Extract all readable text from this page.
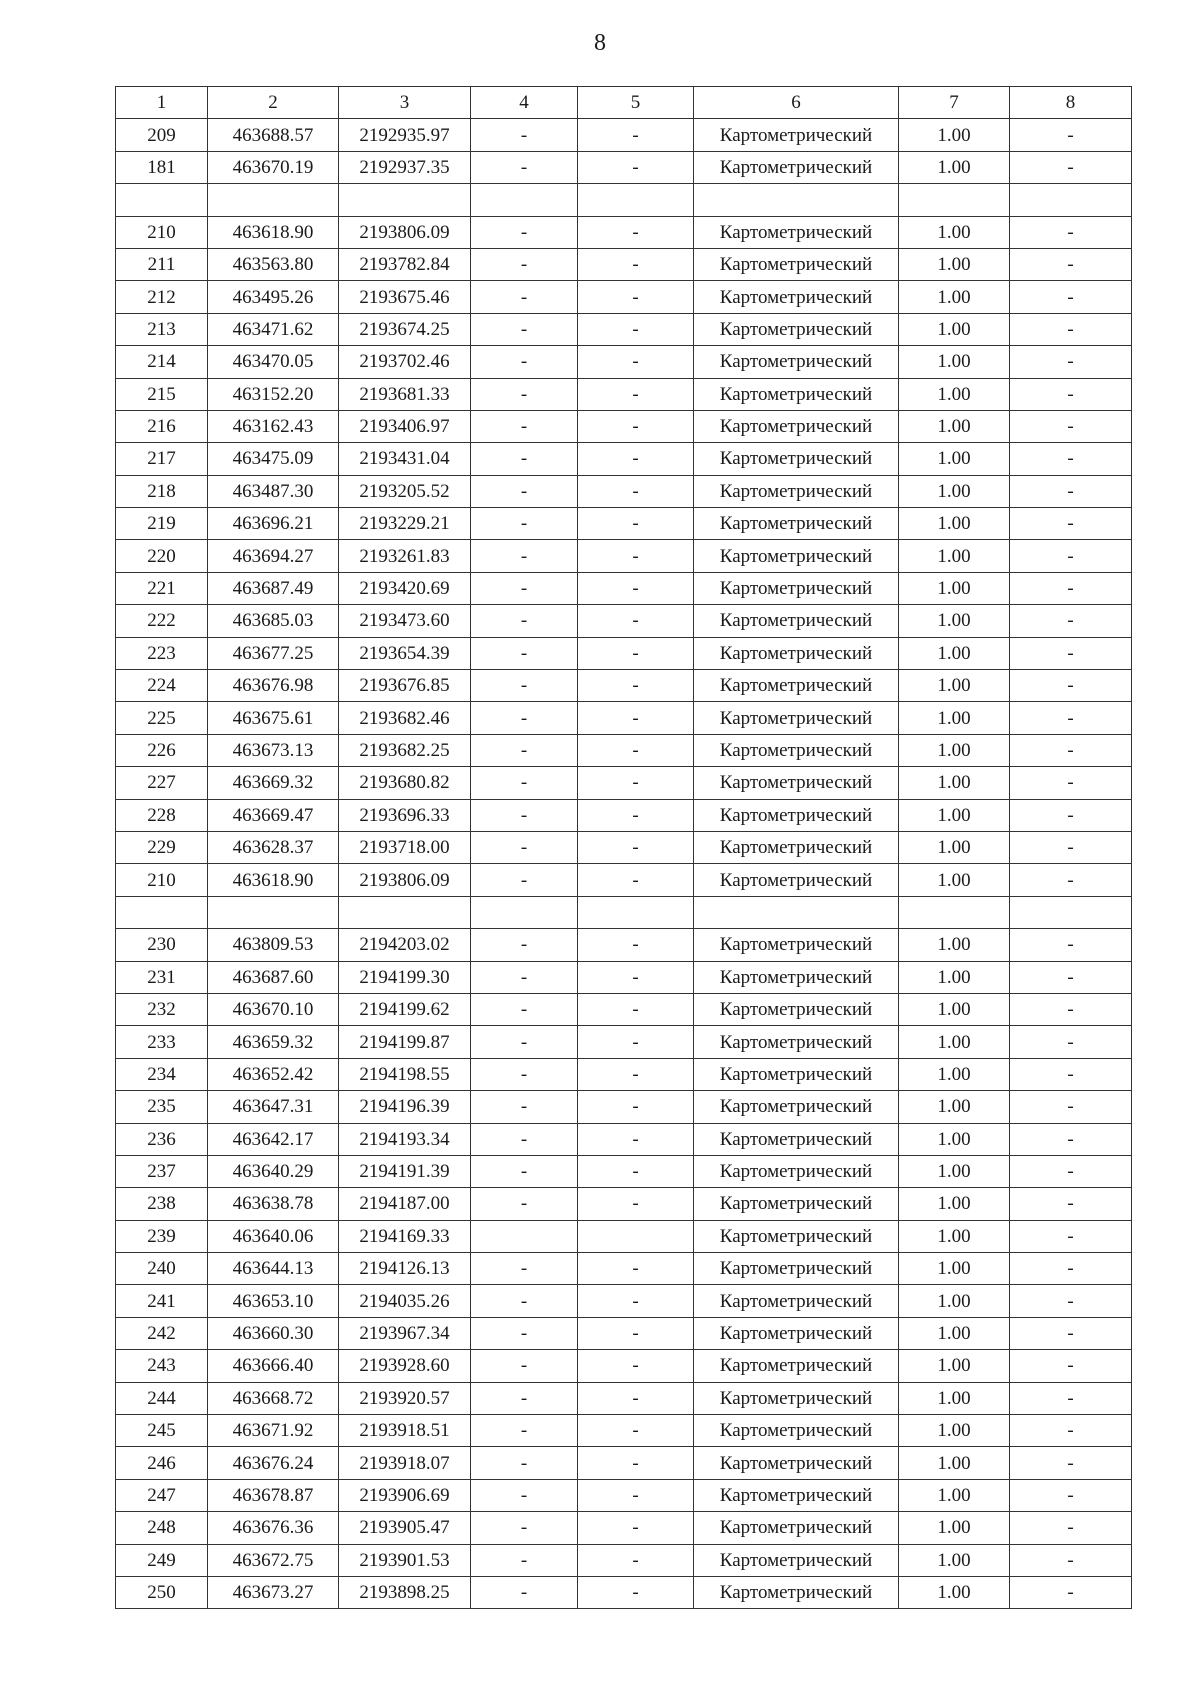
8
1	2	3	4	5	6	7	8
209	463688.57	2192935.97	-	-	Картометрический	1.00	-
181	463670.19	2192937.35	-	-	Картометрический	1.00	-

210	463618.90	2193806.09	-	-	Картометрический	1.00	-
211	463563.80	2193782.84	-	-	Картометрический	1.00	-
212	463495.26	2193675.46	-	-	Картометрический	1.00	-
213	463471.62	2193674.25	-	-	Картометрический	1.00	-
214	463470.05	2193702.46	-	-	Картометрический	1.00	-
215	463152.20	2193681.33	-	-	Картометрический	1.00	-
216	463162.43	2193406.97	-	-	Картометрический	1.00	-
217	463475.09	2193431.04	-	-	Картометрический	1.00	-
218	463487.30	2193205.52	-	-	Картометрический	1.00	-
219	463696.21	2193229.21	-	-	Картометрический	1.00	-
220	463694.27	2193261.83	-	-	Картометрический	1.00	-
221	463687.49	2193420.69	-	-	Картометрический	1.00	-
222	463685.03	2193473.60	-	-	Картометрический	1.00	-
223	463677.25	2193654.39	-	-	Картометрический	1.00	-
224	463676.98	2193676.85	-	-	Картометрический	1.00	-
225	463675.61	2193682.46	-	-	Картометрический	1.00	-
226	463673.13	2193682.25	-	-	Картометрический	1.00	-
227	463669.32	2193680.82	-	-	Картометрический	1.00	-
228	463669.47	2193696.33	-	-	Картометрический	1.00	-
229	463628.37	2193718.00	-	-	Картометрический	1.00	-
210	463618.90	2193806.09	-	-	Картометрический	1.00	-

230	463809.53	2194203.02	-	-	Картометрический	1.00	-
231	463687.60	2194199.30	-	-	Картометрический	1.00	-
232	463670.10	2194199.62	-	-	Картометрический	1.00	-
233	463659.32	2194199.87	-	-	Картометрический	1.00	-
234	463652.42	2194198.55	-	-	Картометрический	1.00	-
235	463647.31	2194196.39	-	-	Картометрический	1.00	-
236	463642.17	2194193.34	-	-	Картометрический	1.00	-
237	463640.29	2194191.39	-	-	Картометрический	1.00	-
238	463638.78	2194187.00	-	-	Картометрический	1.00	-
239	463640.06	2194169.33			Картометрический	1.00	-
240	463644.13	2194126.13	-	-	Картометрический	1.00	-
241	463653.10	2194035.26	-	-	Картометрический	1.00	-
242	463660.30	2193967.34	-	-	Картометрический	1.00	-
243	463666.40	2193928.60	-	-	Картометрический	1.00	-
244	463668.72	2193920.57	-	-	Картометрический	1.00	-
245	463671.92	2193918.51	-	-	Картометрический	1.00	-
246	463676.24	2193918.07	-	-	Картометрический	1.00	-
247	463678.87	2193906.69	-	-	Картометрический	1.00	-
248	463676.36	2193905.47	-	-	Картометрический	1.00	-
249	463672.75	2193901.53	-	-	Картометрический	1.00	-
250	463673.27	2193898.25	-	-	Картометрический	1.00	-
